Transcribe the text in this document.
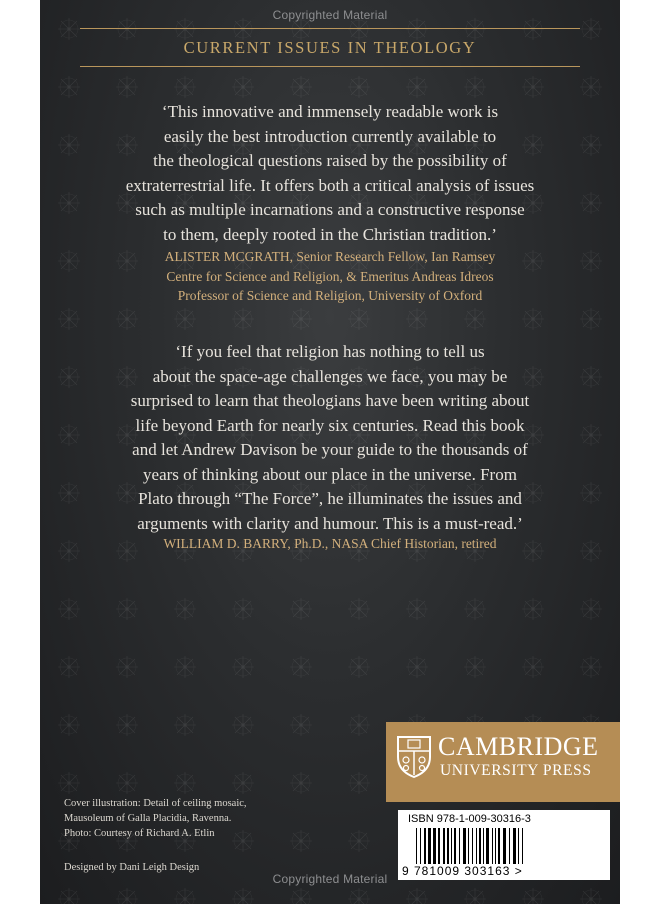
Copyrighted Material
CURRENT ISSUES IN THEOLOGY
‘This innovative and immensely readable work is
easily the best introduction currently available to
the theological questions raised by the possibility of
extraterrestrial life. It offers both a critical analysis of issues
such as multiple incarnations and a constructive response
to them, deeply rooted in the Christian tradition.’
ALISTER MCGRATH, Senior Research Fellow, Ian Ramsey
Centre for Science and Religion, & Emeritus Andreas Idreos
Professor of Science and Religion, University of Oxford
‘If you feel that religion has nothing to tell us
about the space-age challenges we face, you may be
surprised to learn that theologians have been writing about
life beyond Earth for nearly six centuries. Read this book
and let Andrew Davison be your guide to the thousands of
years of thinking about our place in the universe. From
Plato through “The Force”, he illuminates the issues and
arguments with clarity and humour. This is a must-read.’
WILLIAM D. BARRY, Ph.D., NASA Chief Historian, retired
Cover illustration: Detail of ceiling mosaic,
Mausoleum of Galla Placidia, Ravenna.
Photo: Courtesy of Richard A. Etlin
Designed by Dani Leigh Design
CAMBRIDGE
UNIVERSITY PRESS
ISBN 978-1-009-30316-3
9 781009 303163 >
Copyrighted Material
